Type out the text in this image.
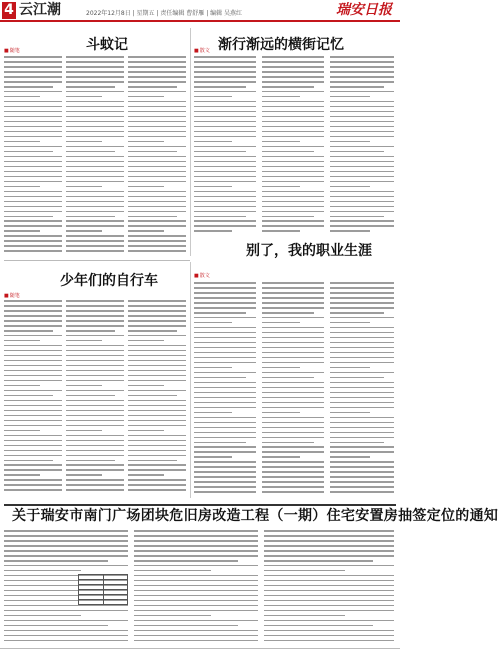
4 云江潮	2022年12月8日 | 星期五 | 责任编辑 曹舒雁 | 编辑 吴燕红	瑞安日报
■ 随笔	斗蚊记
■	散文 渐行渐远的横街记忆
别了，我的职业生涯
少年们的自行车
■ 随笔
■ 散文
关于瑞安市南门广场团块危旧房改造工程（一期）住宅安置房抽签定位的通知
